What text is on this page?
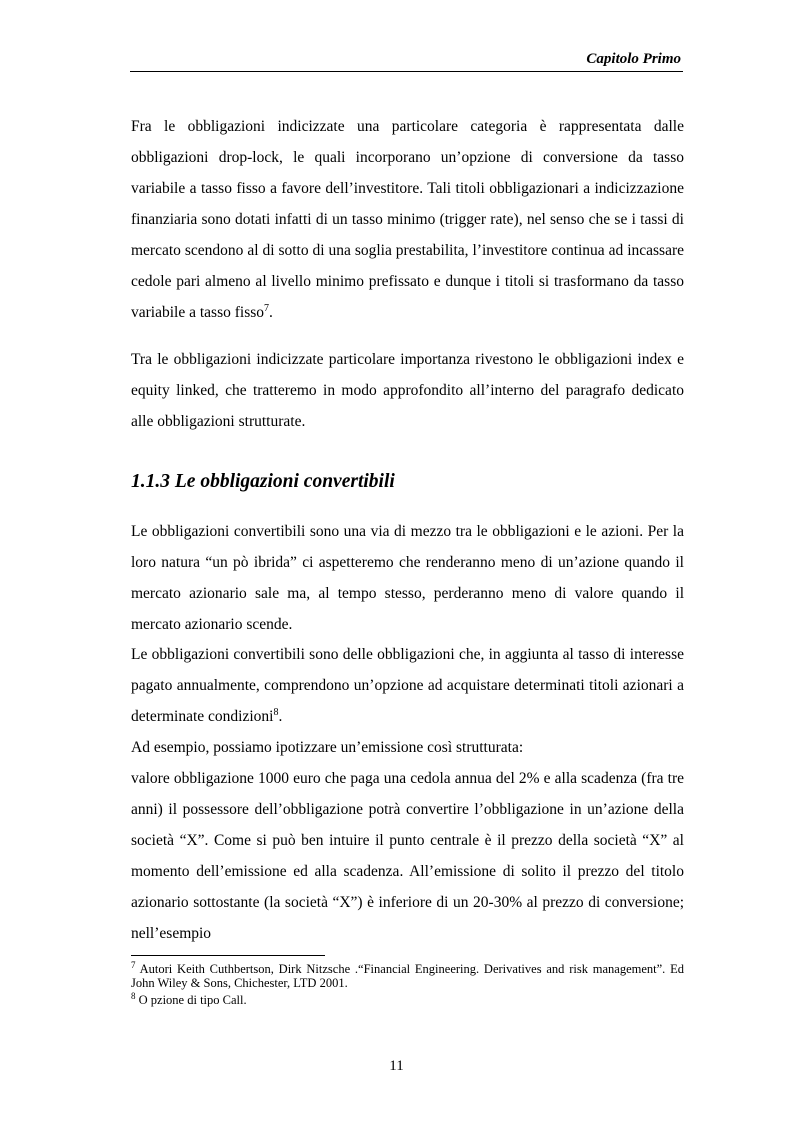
Capitolo Primo

Fra le obbligazioni indicizzate una particolare categoria è rappresentata dalle obbligazioni drop-lock, le quali incorporano un’opzione di conversione da tasso variabile a tasso fisso a favore dell’investitore. Tali titoli obbligazionari a indicizzazione finanziaria sono dotati infatti di un tasso minimo (trigger rate), nel senso che se i tassi di mercato scendono al di sotto di una soglia prestabilita, l’investitore continua ad incassare cedole pari almeno al livello minimo prefissato e dunque i titoli si trasformano da tasso variabile a tasso fisso$^7$.

Tra le obbligazioni indicizzate particolare importanza rivestono le obbligazioni index e equity linked, che tratteremo in modo approfondito all’interno del paragrafo dedicato alle obbligazioni strutturate.

1.1.3 Le obbligazioni convertibili

Le obbligazioni convertibili sono una via di mezzo tra le obbligazioni e le azioni. Per la loro natura “un pò ibrida” ci aspetteremo che renderanno meno di un’azione quando il mercato azionario sale ma, al tempo stesso, perderanno meno di valore quando il mercato azionario scende.

Le obbligazioni convertibili sono delle obbligazioni che, in aggiunta al tasso di interesse pagato annualmente, comprendono un’opzione ad acquistare determinati titoli azionari a determinate condizioni$^8$.

Ad esempio, possiamo ipotizzare un’emissione così strutturata:

valore obbligazione 1000 euro che paga una cedola annua del 2% e alla scadenza (fra tre anni) il possessore dell’obbligazione potrà convertire l’obbligazione in un’azione della società “X”. Come si può ben intuire il punto centrale è il prezzo della società “X” al momento dell’emissione ed alla scadenza. All’emissione di solito il prezzo del titolo azionario sottostante (la società “X”) è inferiore di un 20-30% al prezzo di conversione; nell’esempio

$^7$ Autori Keith Cuthbertson, Dirk Nitzsche .“Financial Engineering. Derivatives and risk management”. Ed John Wiley & Sons, Chichester, LTD 2001.

$^8$ O pzione di tipo Call.

11
